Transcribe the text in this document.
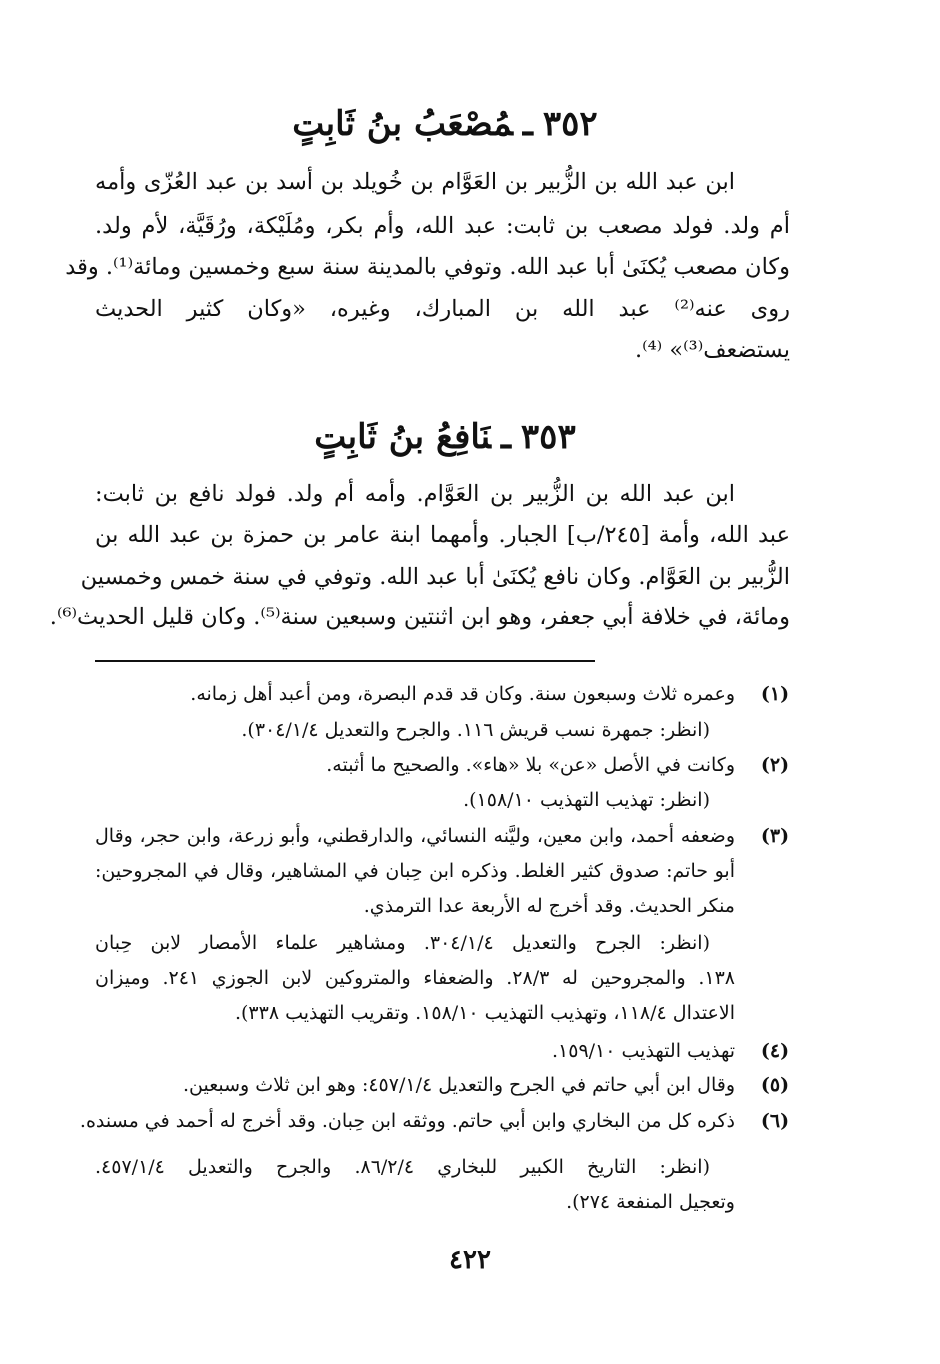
٣٥٢ـمُصْعَبُ بنُ ثَابِتٍ
ابن عبد الله بن الزُّبير بن العَوَّام بن خُويلد بن أسد بن عبد العُزّى وأمه
أم ولد. فولد مصعب بن ثابت: عبد الله، وأم بكر، ومُلَيْكة، ورُقَيَّة، لأم ولد.
وكان مصعب يُكنَىٰ أبا عبد الله. وتوفي بالمدينة سنة سبع وخمسين ومائة⁽¹⁾. وقد
روى عنه⁽²⁾ عبد الله بن المبارك، وغيره، «وكان كثير الحديث
يستضعف⁽³⁾» ⁽⁴⁾.
٣٥٣ـنَافِعُ بنُ ثَابِتٍ
ابن عبد الله بن الزُّبير بن العَوَّام. وأمه أم ولد. فولد نافع بن ثابت:
عبد الله، وأمة [٢٤٥/ب] الجبار. وأمهما ابنة عامر بن حمزة بن عبد الله بن
الزُّبير بن العَوَّام. وكان نافع يُكنَىٰ أبا عبد الله. وتوفي في سنة خمس وخمسين
ومائة، في خلافة أبي جعفر، وهو ابن اثنتين وسبعين سنة⁽⁵⁾. وكان قليل الحديث⁽⁶⁾.
(١)
وعمره ثلاث وسبعون سنة. وكان قد قدم البصرة، ومن أعبد أهل زمانه.
(انظر: جمهرة نسب قريش ١١٦. والجرح والتعديل ٣٠٤/١/٤).
(٢)
وكانت في الأصل «عن» بلا «هاء». والصحيح ما أثبته.
(انظر: تهذيب التهذيب ١٥٨/١٠).
(٣)
وضعفه أحمد، وابن معين، وليَّنه النسائي، والدارقطني، وأبو زرعة، وابن حجر، وقال
أبو حاتم: صدوق كثير الغلط. وذكره ابن حِبان في المشاهير، وقال في المجروحين:
منكر الحديث. وقد أخرج له الأربعة عدا الترمذي.
(انظر: الجرح والتعديل ٣٠٤/١/٤. ومشاهير علماء الأمصار لابن حِبان
١٣٨. والمجروحين له ٢٨/٣. والضعفاء والمتروكين لابن الجوزي ٢٤١. وميزان
الاعتدال ١١٨/٤، وتهذيب التهذيب ١٥٨/١٠. وتقريب التهذيب ٣٣٨).
(٤)
تهذيب التهذيب ١٥٩/١٠.
(٥)
وقال ابن أبي حاتم في الجرح والتعديل ٤٥٧/١/٤: وهو ابن ثلاث وسبعين.
(٦)
ذكره كل من البخاري وابن أبي حاتم. ووثقه ابن حِبان. وقد أخرج له أحمد في مسنده.
(انظر: التاريخ الكبير للبخاري ٨٦/٢/٤. والجرح والتعديل ٤٥٧/١/٤.
وتعجيل المنفعة ٢٧٤).
٤٢٢
